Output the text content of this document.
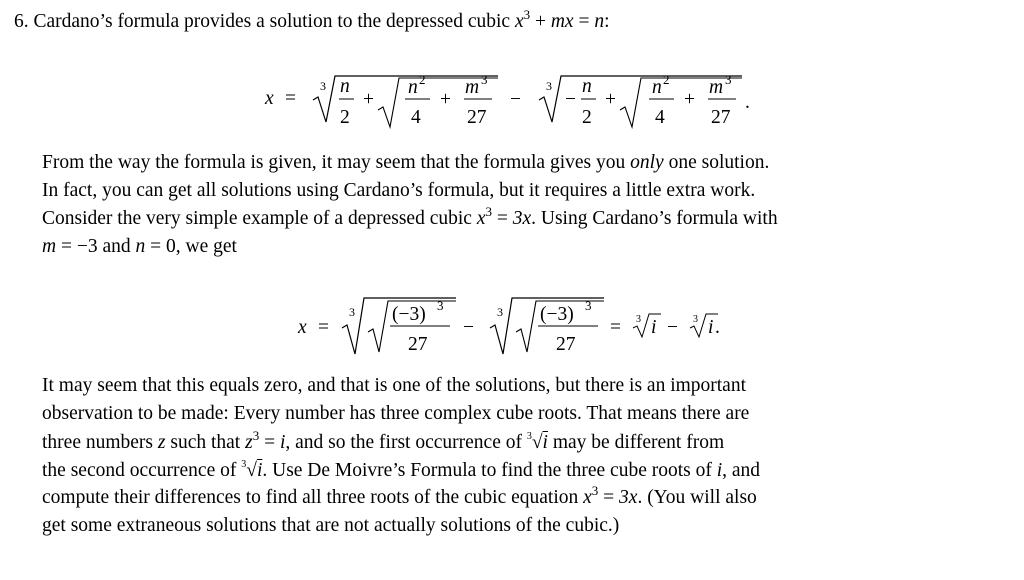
6. Cardano’s formula provides a solution to the depressed cubic $x^3$ + mx = n:
x =
3 n
2
+
n 2
4
+
m 3
27
−
3
−
n
2
+
n 2
4
+
m 3
27
.
From the way the formula is given, it may seem that the formula gives you only one solution.
In fact, you can get all solutions using Cardano’s formula, but it requires a little extra work.
Consider the very simple example of a depressed cubic $x^3 = 3x$. Using Cardano’s formula with
m = −3 and n = 0, we get
x =
3 (−3) 3
27
−
3 (−3) 3
27
= 3 i − 3 i .
It may seem that this equals zero, and that is one of the solutions, but there is an important
observation to be made: Every number has three complex cube roots. That means there are
three numbers z such that $z^3 = i$, and so the first occurrence of $^3$√i may be different from
the second occurrence of $^3$√i. Use De Moivre’s Formula to find the three cube roots of i, and
compute their differences to find all three roots of the cubic equation $x^3 = 3x$. (You will also
get some extraneous solutions that are not actually solutions of the cubic.)
